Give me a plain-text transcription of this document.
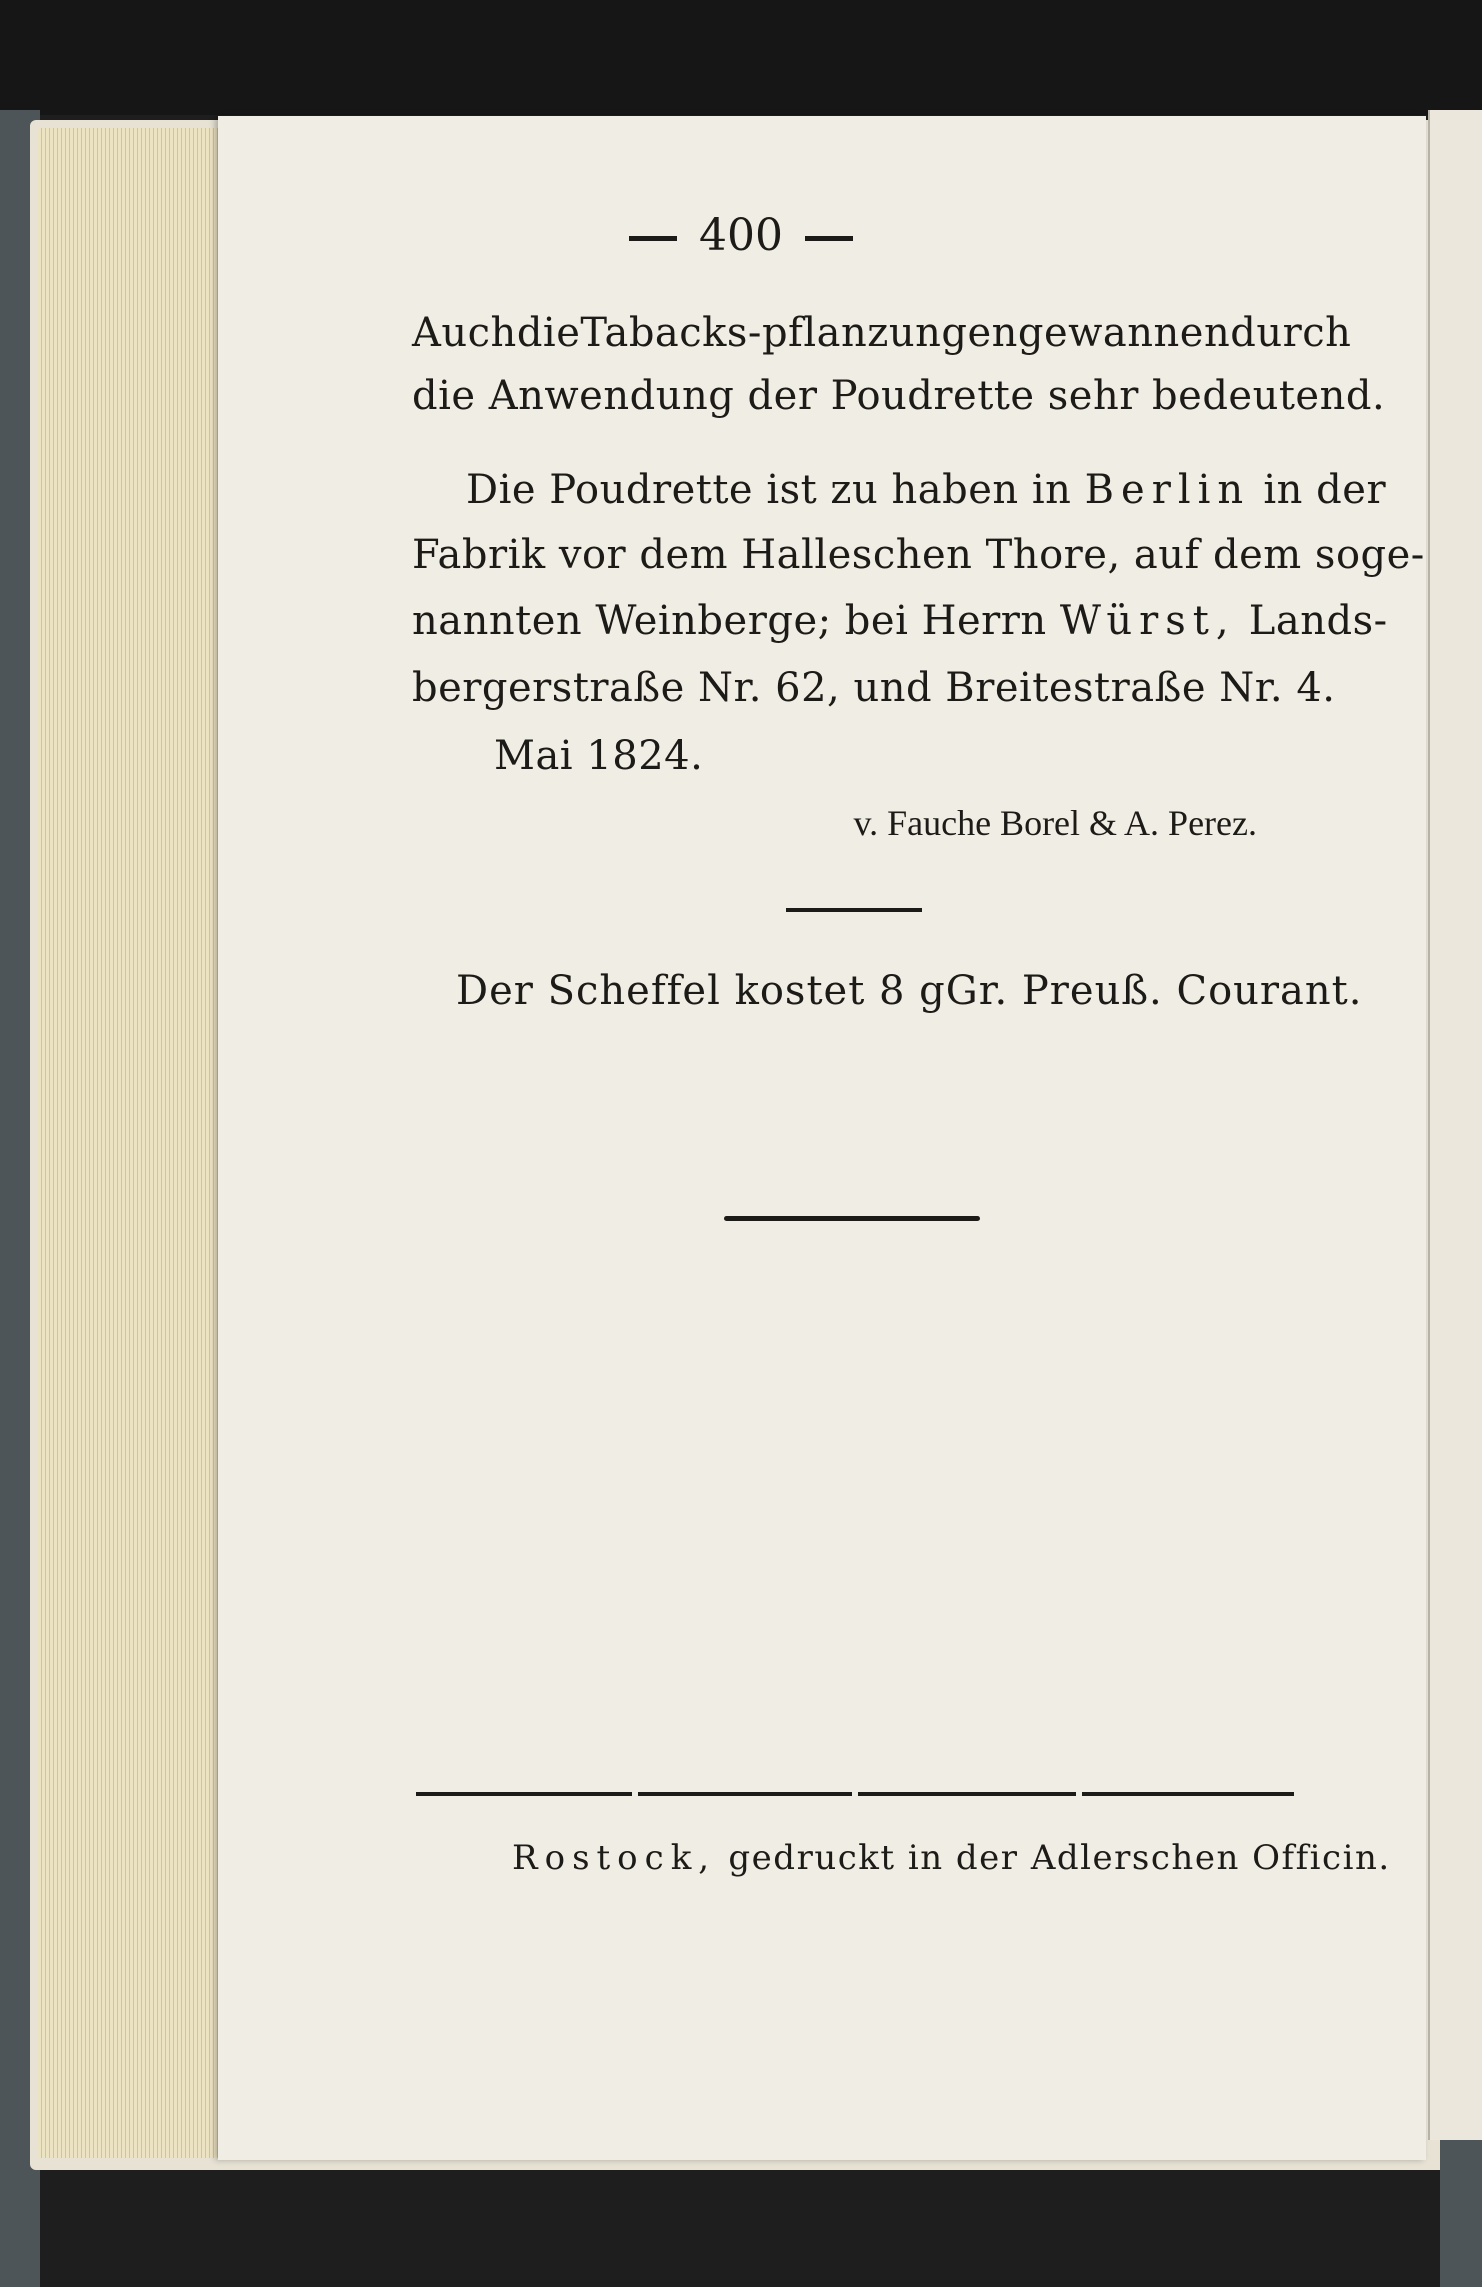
400
Auch die Tabacks-pflanzungen gewannen durch
die Anwendung der Poudrette sehr bedeutend.
Die Poudrette ist zu haben in Berlin in der
Fabrik vor dem Halleschen Thore, auf dem soge-
nannten Weinberge; bei Herrn Würst, Lands-
bergerstraße Nr. 62, und Breitestraße Nr. 4.
Mai 1824.
v. Fauche Borel & A. Perez.
Der Scheffel kostet 8 gGr. Preuß. Courant.
Rostock, gedruckt in der Adlerschen Officin.
